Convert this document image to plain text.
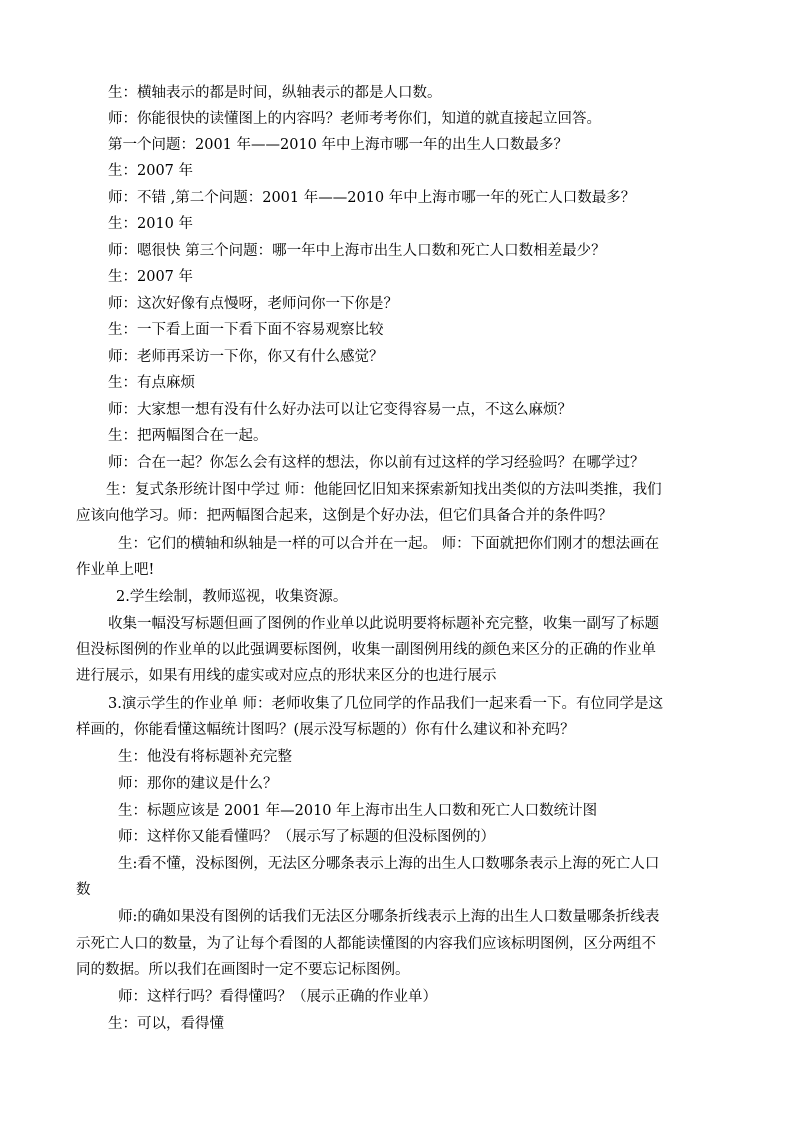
生：横轴表示的都是时间，纵轴表示的都是人口数。
师：你能很快的读懂图上的内容吗？老师考考你们，知道的就直接起立回答。
第一个问题：2001 年——2010 年中上海市哪一年的出生人口数最多？
生：2007 年
师：不错 ,第二个问题：2001 年——2010 年中上海市哪一年的死亡人口数最多？
生：2010 年
师：嗯很快 第三个问题：哪一年中上海市出生人口数和死亡人口数相差最少？
生：2007 年
师：这次好像有点慢呀，老师问你一下你是？
生：一下看上面一下看下面不容易观察比较
师：老师再采访一下你，你又有什么感觉？
生：有点麻烦
师：大家想一想有没有什么好办法可以让它变得容易一点，不这么麻烦？
生：把两幅图合在一起。
师：合在一起？你怎么会有这样的想法，你以前有过这样的学习经验吗？在哪学过？
生：复式条形统计图中学过 师：他能回忆旧知来探索新知找出类似的方法叫类推，我们
应该向他学习。师：把两幅图合起来，这倒是个好办法，但它们具备合并的条件吗？
生：它们的横轴和纵轴是一样的可以合并在一起。 师：下面就把你们刚才的想法画在
作业单上吧!
2.学生绘制，教师巡视，收集资源。
收集一幅没写标题但画了图例的作业单以此说明要将标题补充完整，收集一副写了标题
但没标图例的作业单的以此强调要标图例，收集一副图例用线的颜色来区分的正确的作业单
进行展示，如果有用线的虚实或对应点的形状来区分的也进行展示
3.演示学生的作业单 师：老师收集了几位同学的作品我们一起来看一下。有位同学是这
样画的，你能看懂这幅统计图吗？(展示没写标题的）你有什么建议和补充吗？
生：他没有将标题补充完整
师：那你的建议是什么？
生：标题应该是 2001 年—2010 年上海市出生人口数和死亡人口数统计图
师：这样你又能看懂吗？（展示写了标题的但没标图例的）
生:看不懂，没标图例，无法区分哪条表示上海的出生人口数哪条表示上海的死亡人口
数
师:的确如果没有图例的话我们无法区分哪条折线表示上海的出生人口数量哪条折线表
示死亡人口的数量，为了让每个看图的人都能读懂图的内容我们应该标明图例，区分两组不
同的数据。所以我们在画图时一定不要忘记标图例。
师：这样行吗？看得懂吗？（展示正确的作业单）
生：可以，看得懂
